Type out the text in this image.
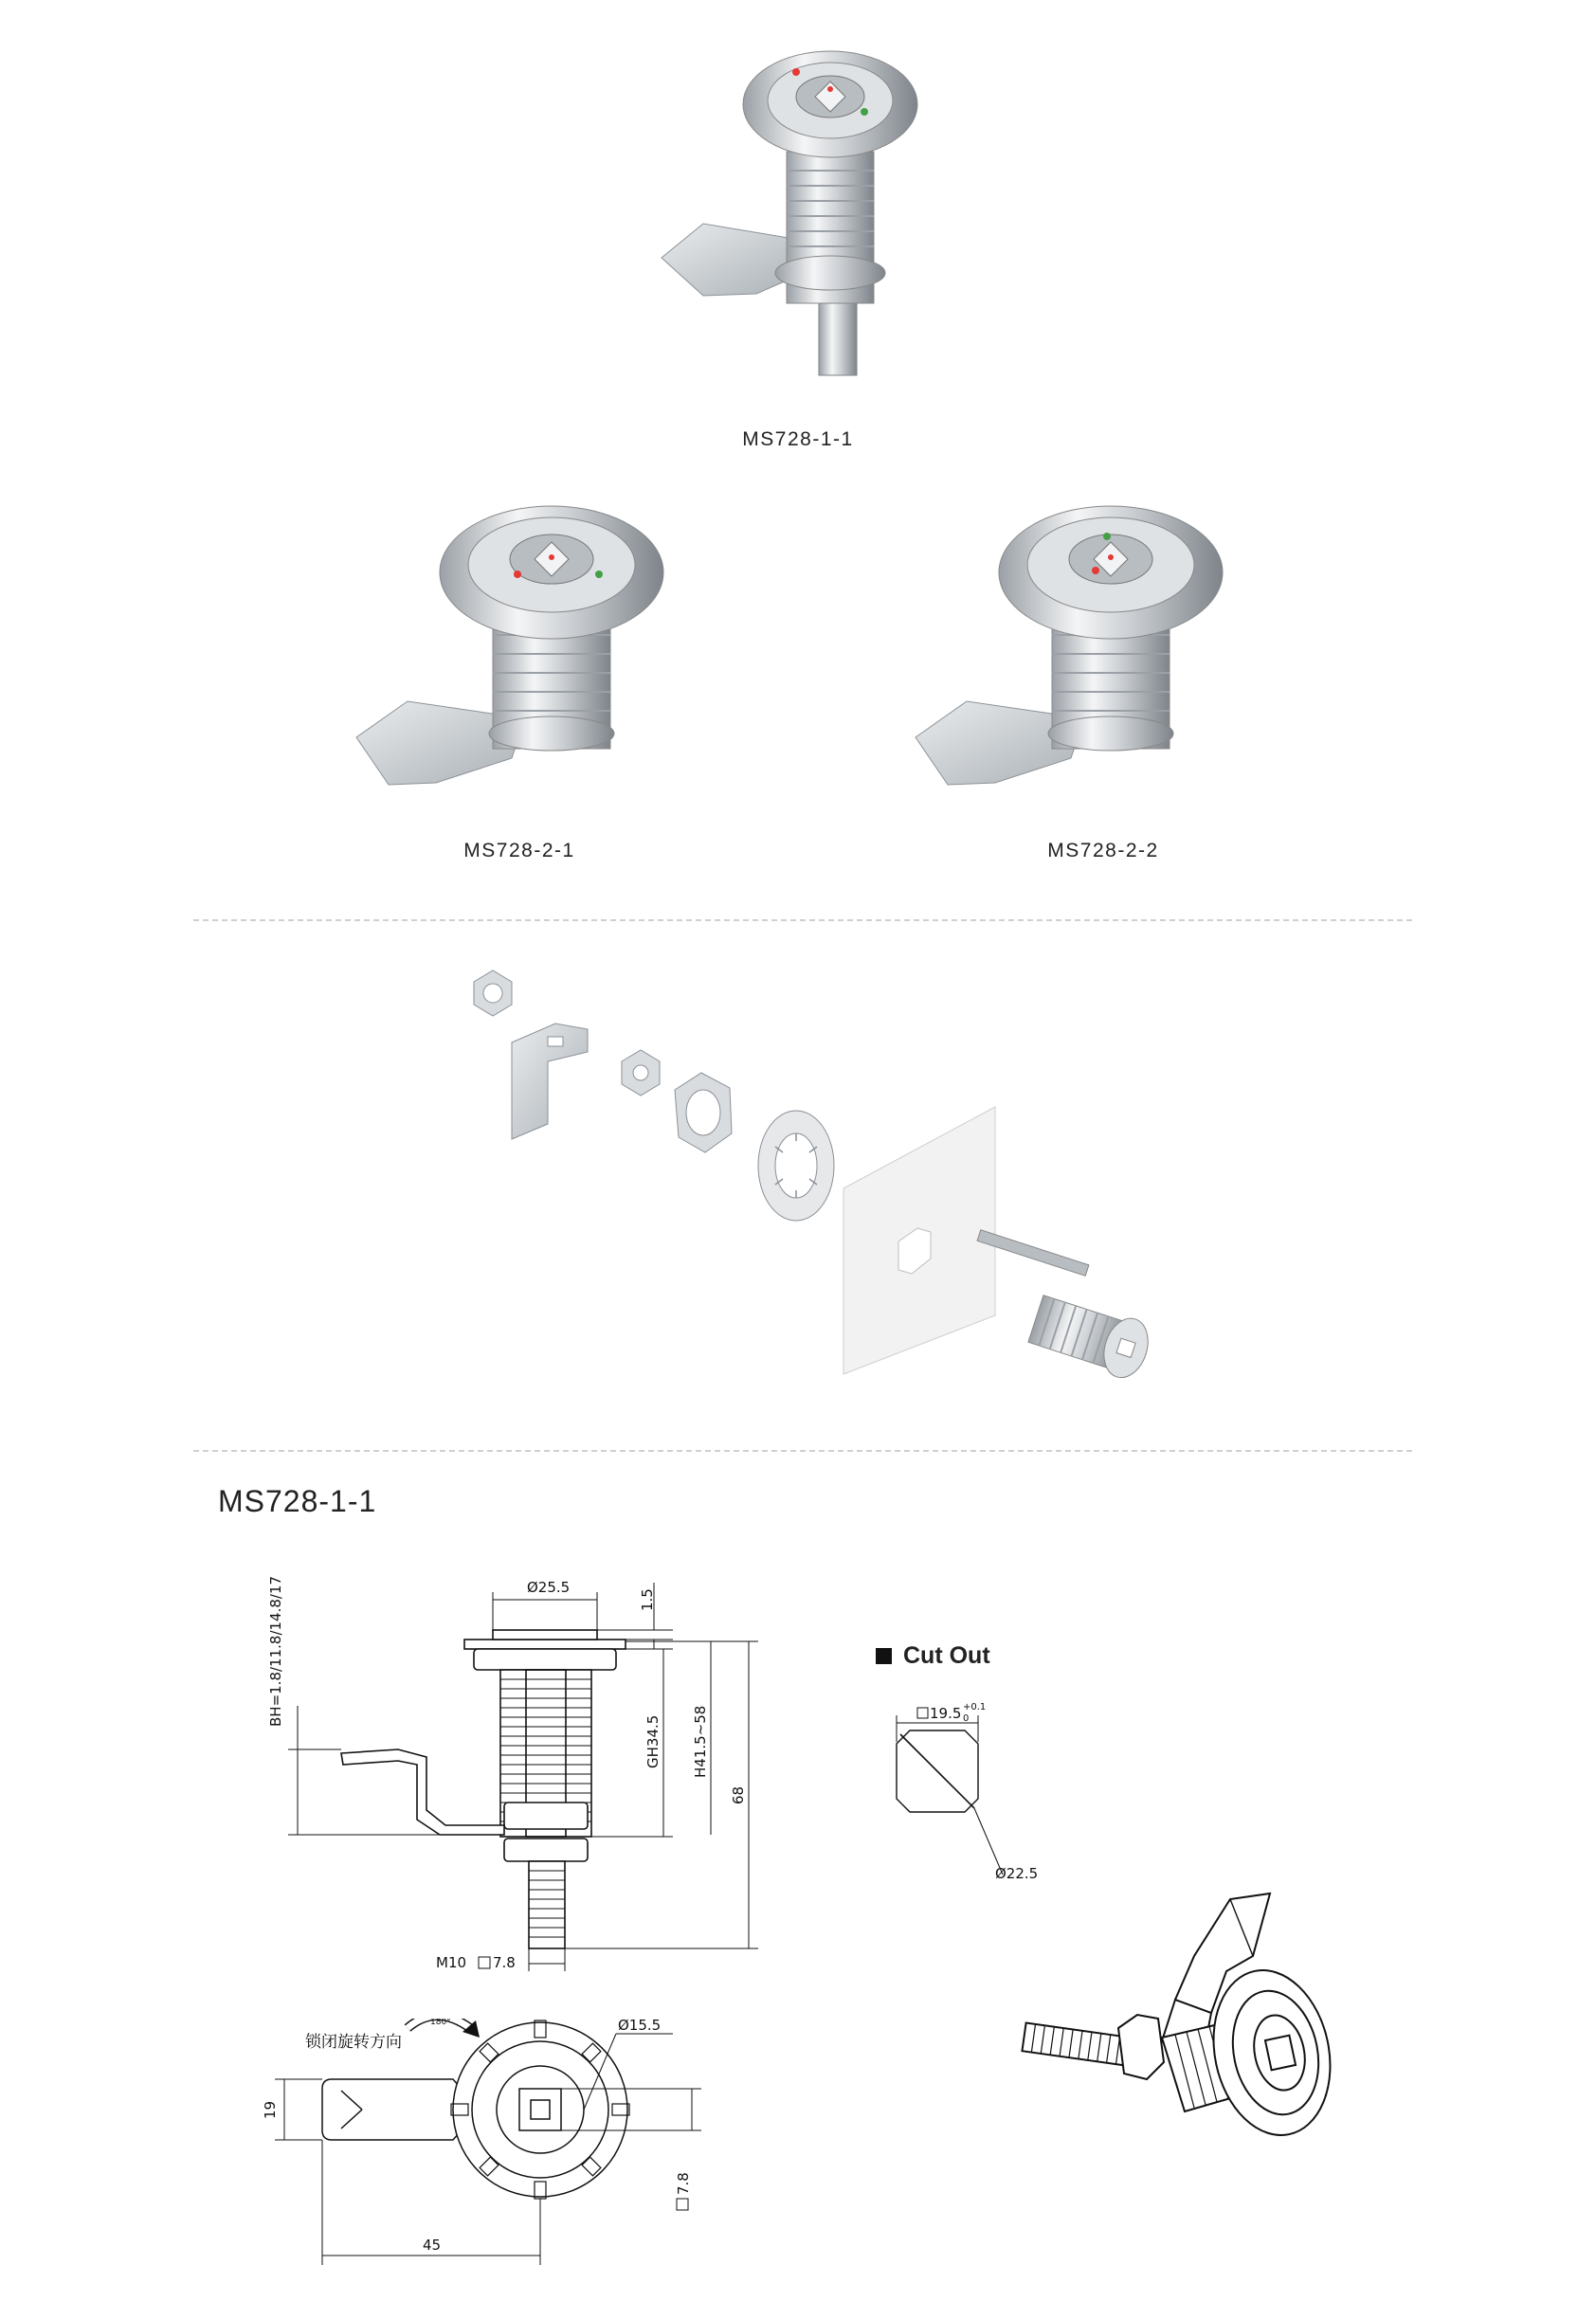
MS728-1-1
MS728-2-1	MS728-2-2
MS728-1-1
Ø25.5
1.5
GH34.5 H41.5~58
68
BH=1.8/11.8/14.8/17
M10 7.8
Cut Out
19.5 +0.1
0
Ø22.5
180°
锁闭旋转方向
19
45
Ø15.5
7.8
